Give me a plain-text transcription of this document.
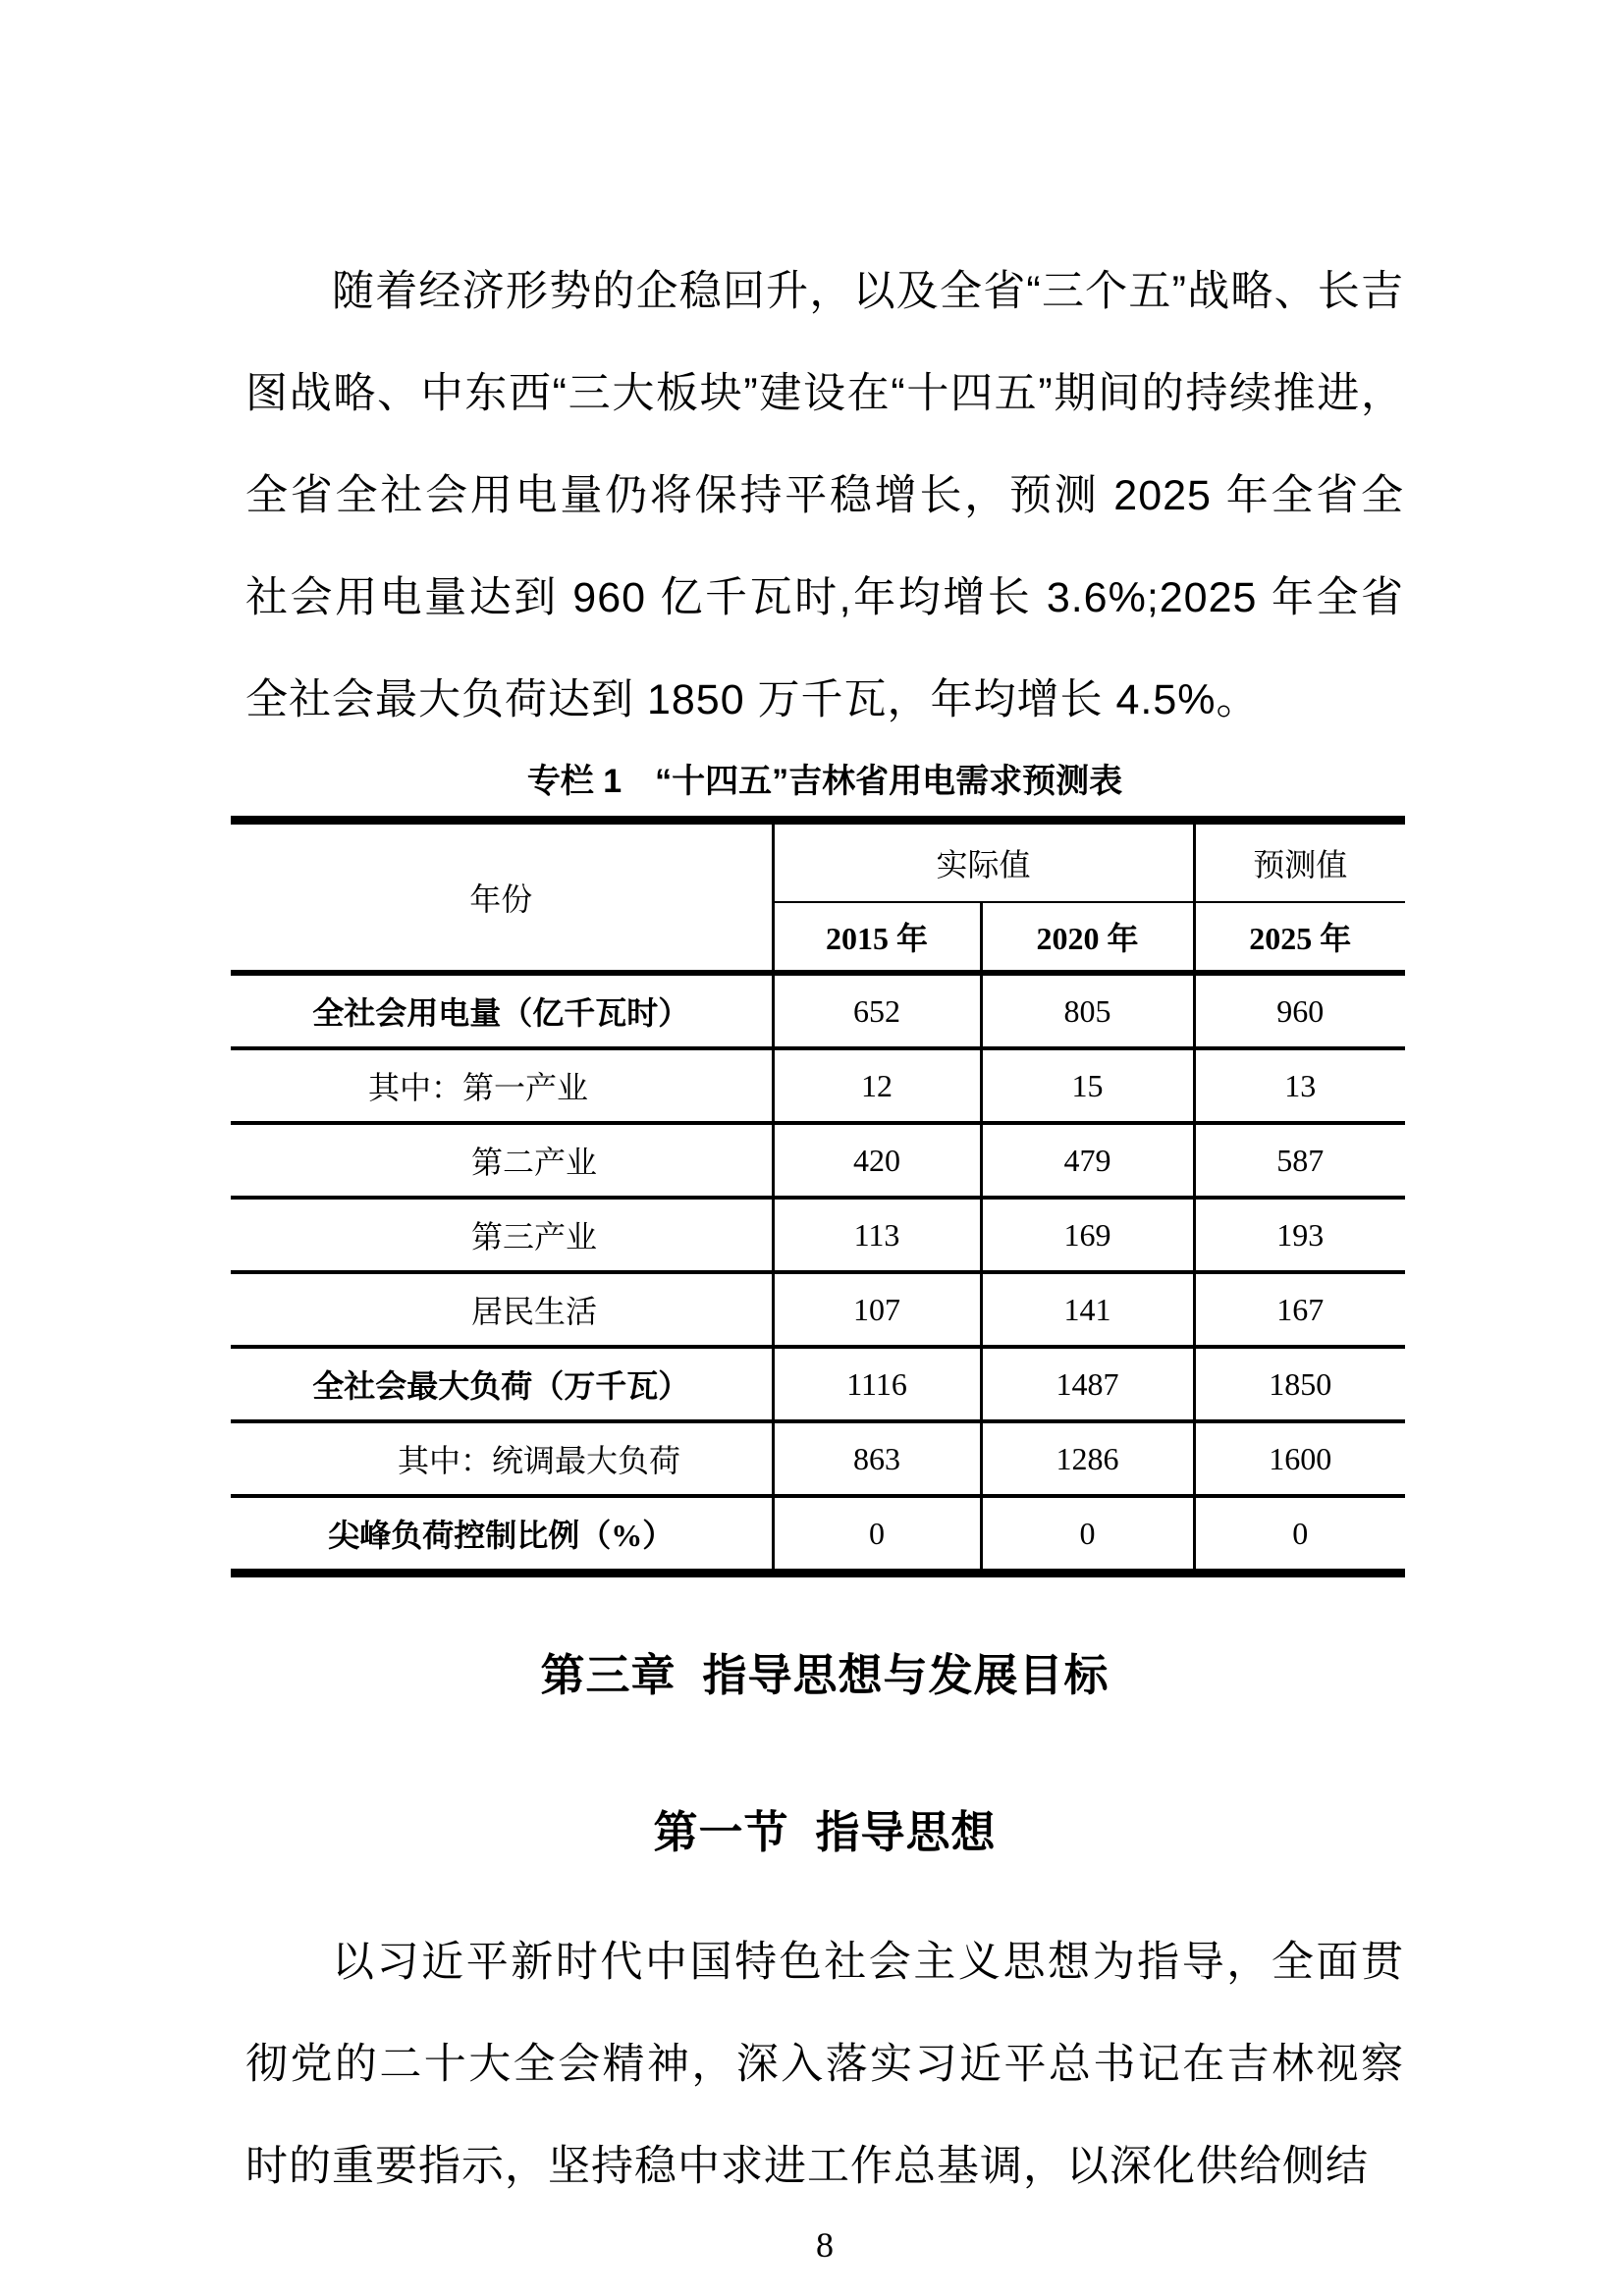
随着经济形势的企稳回升，以及全省“三个五”战略、长吉图战略、中东西“三大板块”建设在“十四五”期间的持续推进，全省全社会用电量仍将保持平稳增长，预测 2025 年全省全社会用电量达到 960 亿千瓦时,年均增长 3.6%;2025 年全省全社会最大负荷达到 1850 万千瓦，年均增长 4.5%。

专栏 1　“十四五”吉林省用电需求预测表
年份	实际值		预测值
	2015 年	2020 年	2025 年
全社会用电量（亿千瓦时）	652	805	960
其中：第一产业	12	15	13
第二产业	420	479	587
第三产业	113	169	193
居民生活	107	141	167
全社会最大负荷（万千瓦）	1116	1487	1850
其中：统调最大负荷	863	1286	1600
尖峰负荷控制比例（%）	0	0	0
第三章  指导思想与发展目标
第一节  指导思想

以习近平新时代中国特色社会主义思想为指导，全面贯彻党的二十大全会精神，深入落实习近平总书记在吉林视察时的重要指示，坚持稳中求进工作总基调，以深化供给侧结

8
